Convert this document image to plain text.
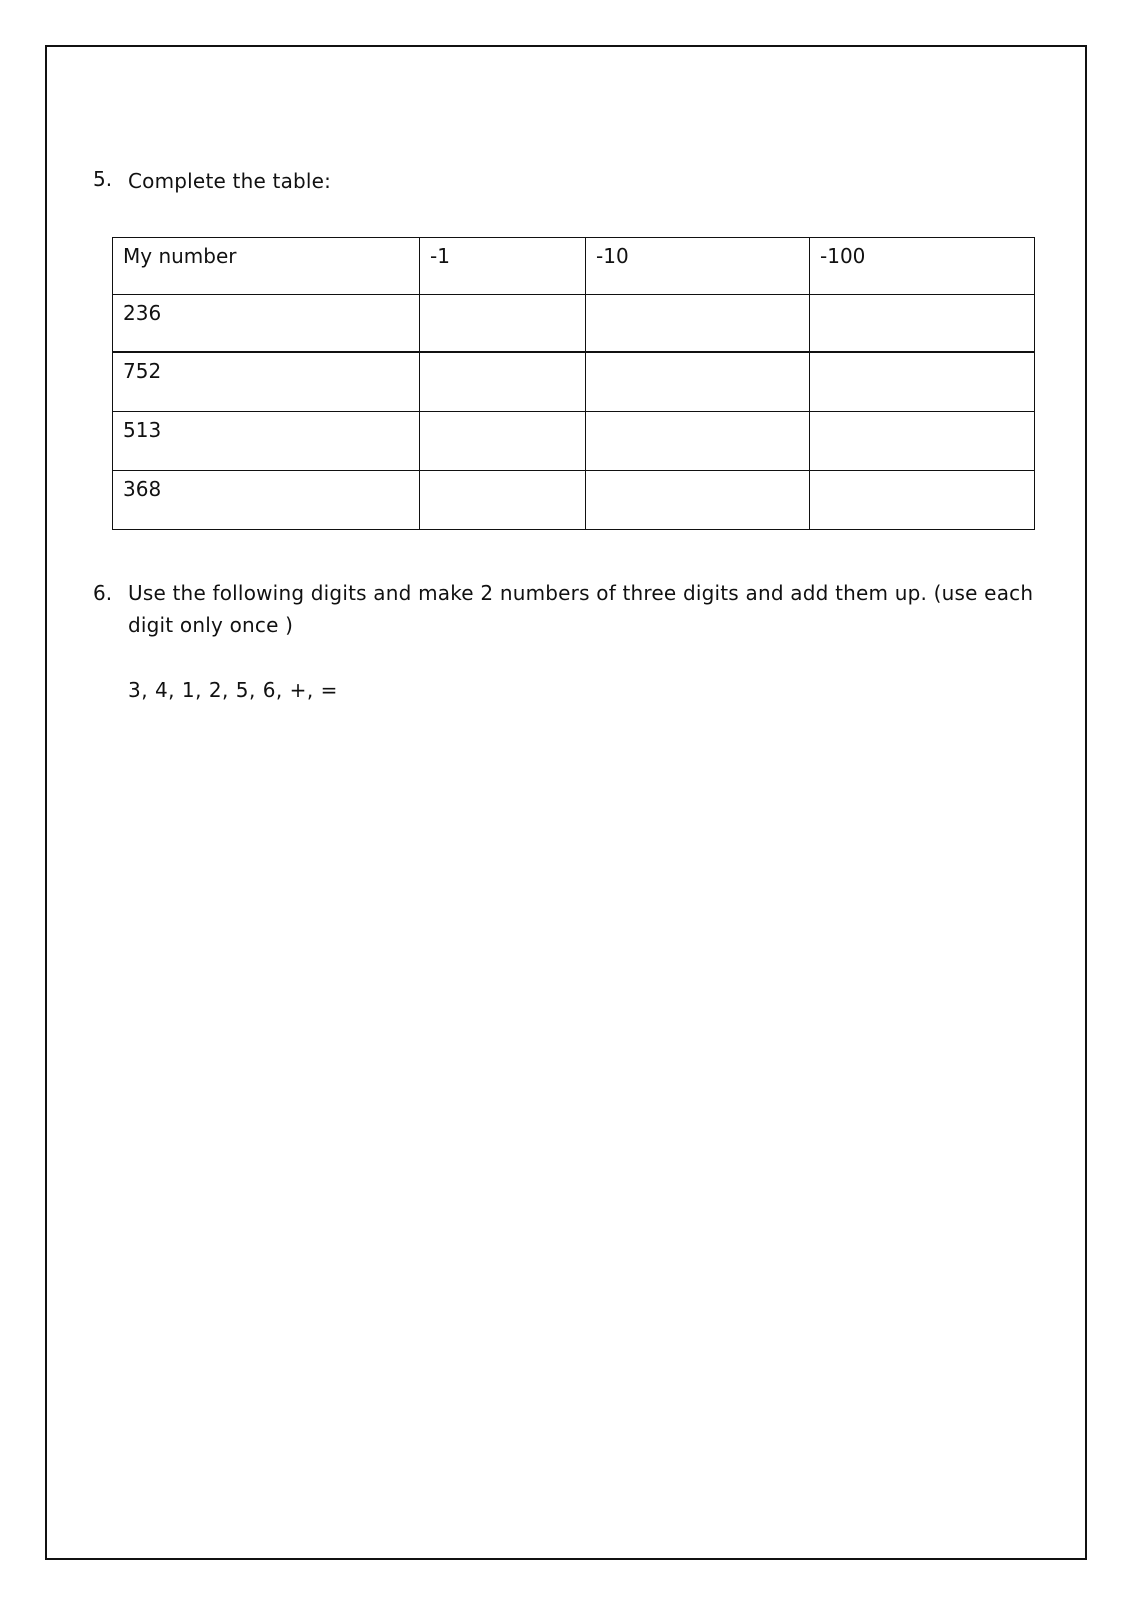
5. Complete the table:
My number	-1	-10	-100
236			
752			
513			
368			
6. Use the following digits and make 2 numbers of three digits and add them up. (use each digit only once )
3, 4, 1, 2, 5, 6, +, =
